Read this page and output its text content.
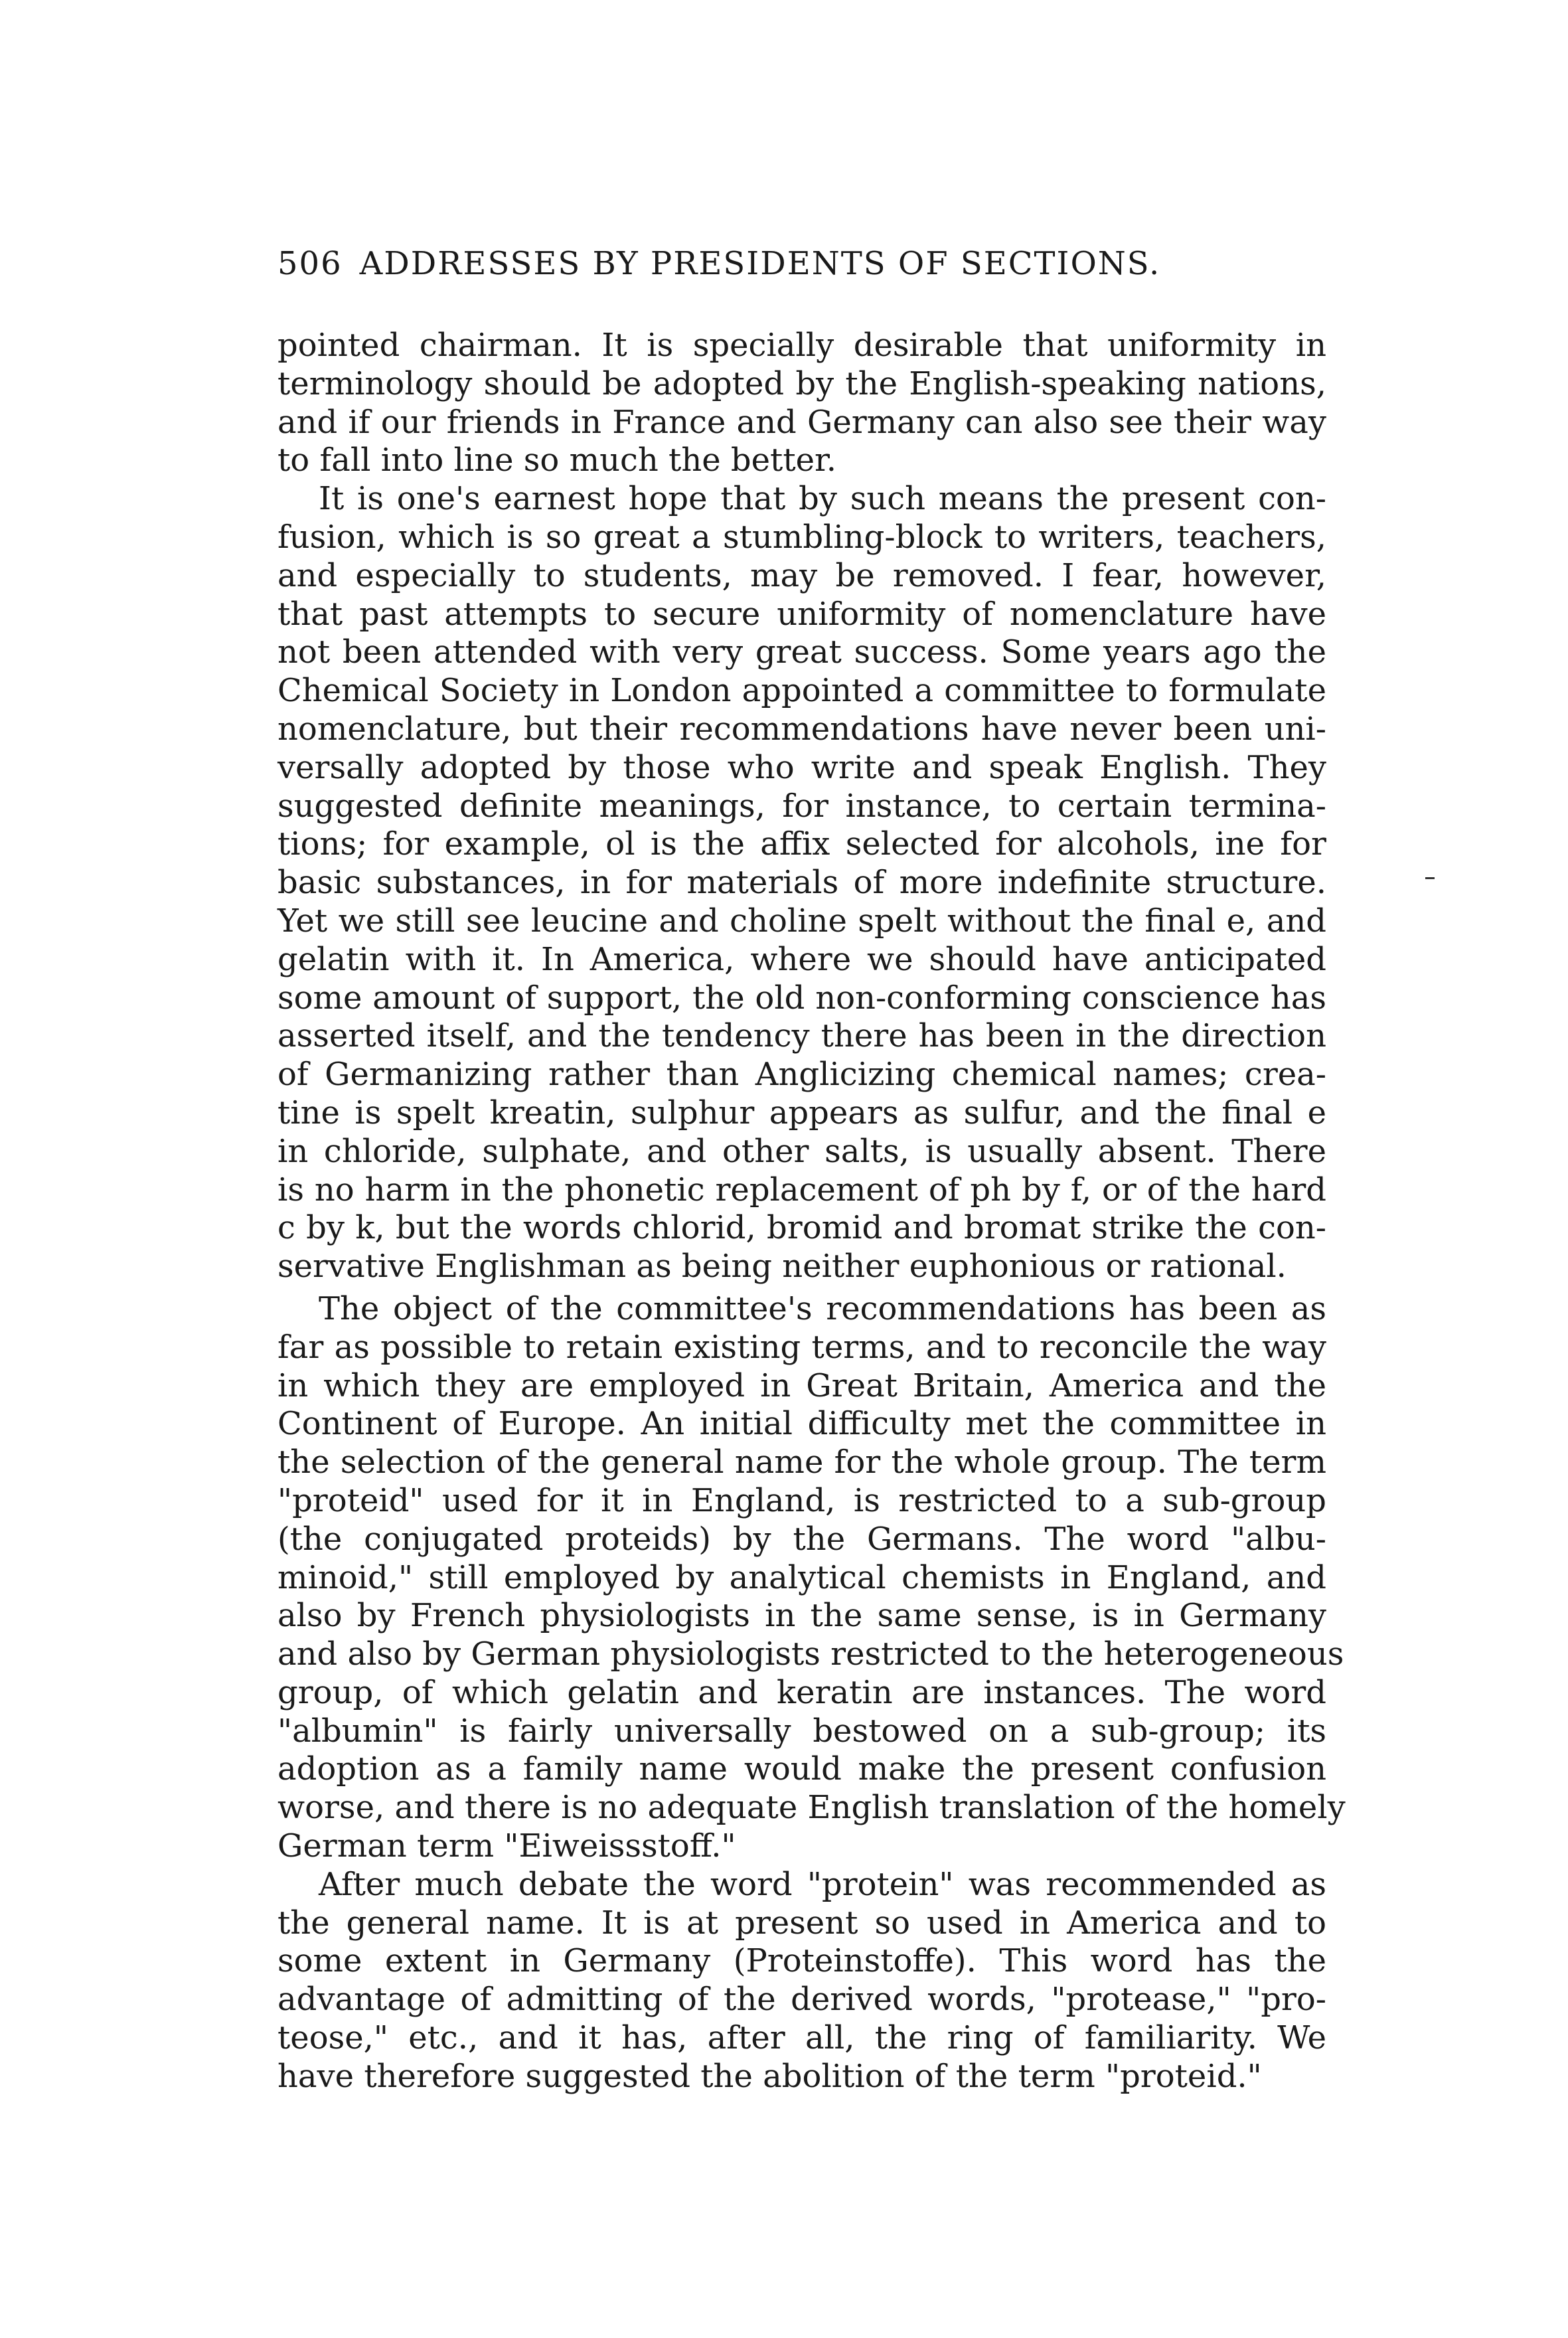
506 ADDRESSES BY PRESIDENTS OF SECTIONS.
pointed chairman. It is specially desirable that uniformity in
terminology should be adopted by the English-speaking nations,
and if our friends in France and Germany can also see their way
to fall into line so much the better.
It is one's earnest hope that by such means the present con-
fusion, which is so great a stumbling-block to writers, teachers,
and especially to students, may be removed. I fear, however,
that past attempts to secure uniformity of nomenclature have
not been attended with very great success. Some years ago the
Chemical Society in London appointed a committee to formulate
nomenclature, but their recommendations have never been uni-
versally adopted by those who write and speak English. They
suggested definite meanings, for instance, to certain termina-
tions; for example, ol is the affix selected for alcohols, ine for
basic substances, in for materials of more indefinite structure.
Yet we still see leucine and choline spelt without the final e, and
gelatin with it. In America, where we should have anticipated
some amount of support, the old non-conforming conscience has
asserted itself, and the tendency there has been in the direction
of Germanizing rather than Anglicizing chemical names; crea-
tine is spelt kreatin, sulphur appears as sulfur, and the final e
in chloride, sulphate, and other salts, is usually absent. There
is no harm in the phonetic replacement of ph by f, or of the hard
c by k, but the words chlorid, bromid and bromat strike the con-
servative Englishman as being neither euphonious or rational.
The object of the committee's recommendations has been as
far as possible to retain existing terms, and to reconcile the way
in which they are employed in Great Britain, America and the
Continent of Europe. An initial difficulty met the committee in
the selection of the general name for the whole group. The term
"proteid" used for it in England, is restricted to a sub-group
(the conjugated proteids) by the Germans. The word "albu-
minoid," still employed by analytical chemists in England, and
also by French physiologists in the same sense, is in Germany
and also by German physiologists restricted to the heterogeneous
group, of which gelatin and keratin are instances. The word
"albumin" is fairly universally bestowed on a sub-group; its
adoption as a family name would make the present confusion
worse, and there is no adequate English translation of the homely
German term "Eiweissstoff."
After much debate the word "protein" was recommended as
the general name. It is at present so used in America and to
some extent in Germany (Proteinstoffe). This word has the
advantage of admitting of the derived words, "protease," "pro-
teose," etc., and it has, after all, the ring of familiarity. We
have therefore suggested the abolition of the term "proteid."
